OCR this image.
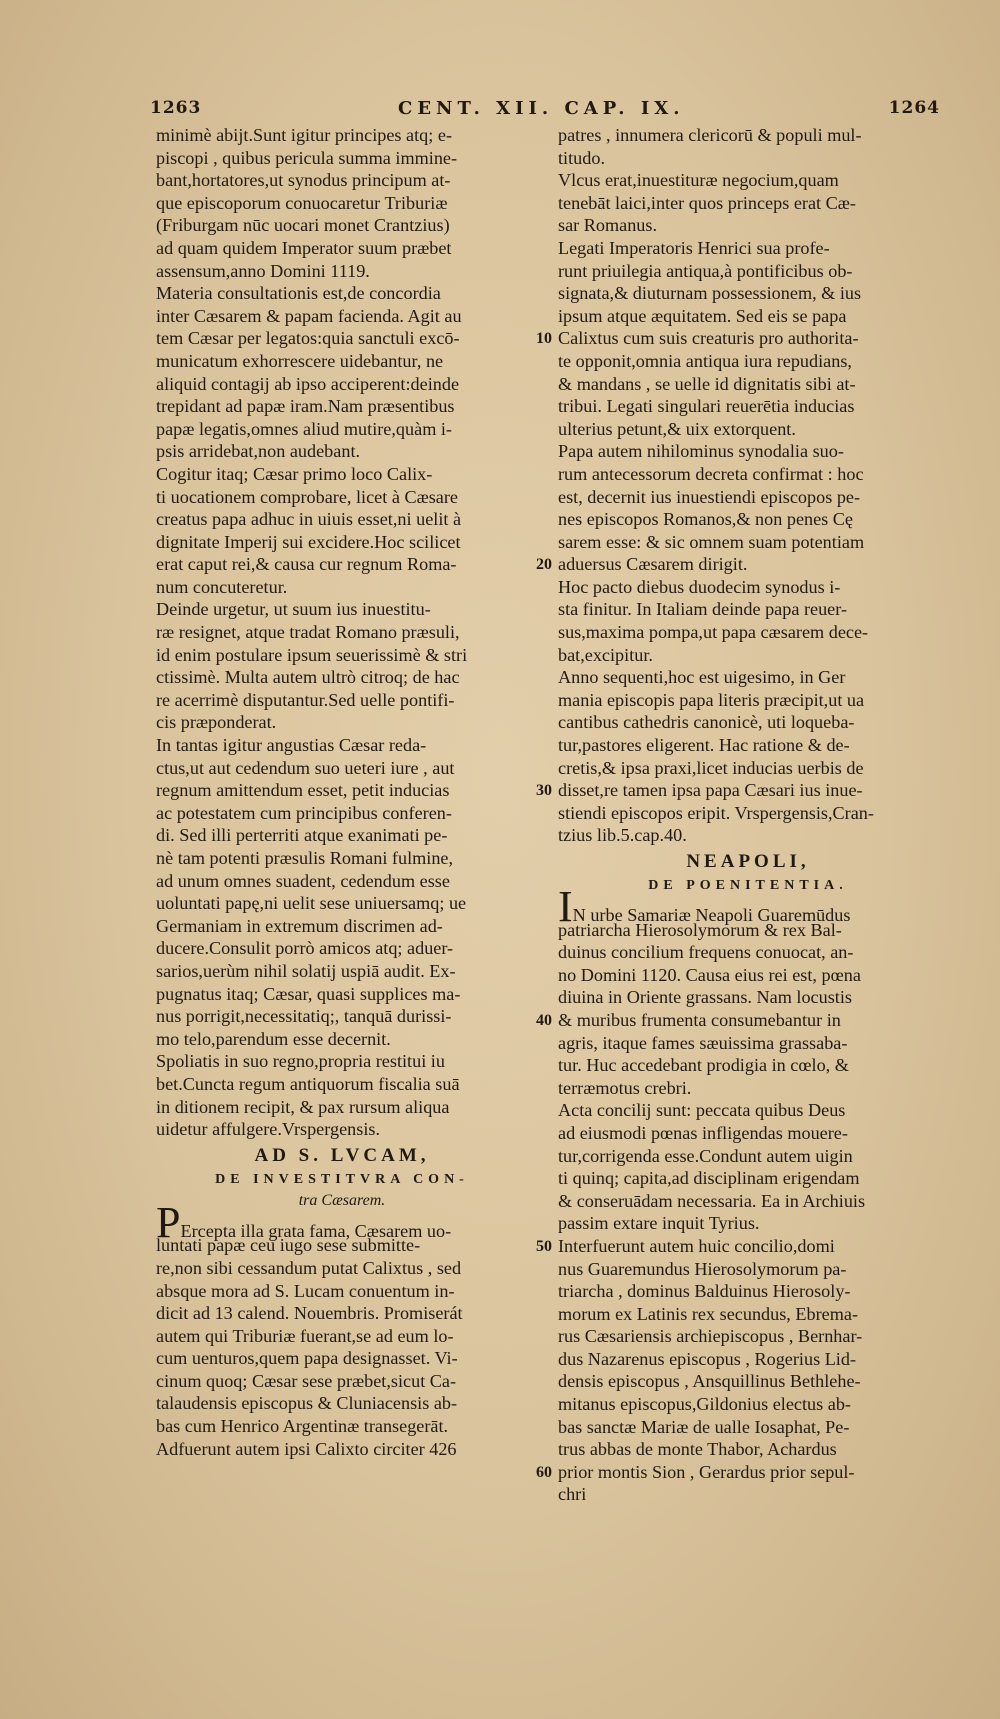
1263	CENT. XII. CAP. IX.	1264
minimè abijt.Sunt igitur principes atq; e-
piscopi , quibus pericula summa immine-
bant,hortatores,ut synodus principum at-
que episcoporum conuocaretur Triburiæ
(Friburgam nūc uocari monet Crantzius)
ad quam quidem Imperator suum præbet
assensum,anno Domini 1119.
Materia consultationis est,de concordia
inter Cæsarem & papam facienda. Agit au
tem Cæsar per legatos:quia sanctuli excō-
municatum exhorrescere uidebantur, ne
aliquid contagij ab ipso acciperent:deinde
trepidant ad papæ iram.Nam præsentibus
papæ legatis,omnes aliud mutire,quàm i-
psis arridebat,non audebant.
Cogitur itaq; Cæsar primo loco Calix-
ti uocationem comprobare, licet à Cæsare
creatus papa adhuc in uiuis esset,ni uelit à
dignitate Imperij sui excidere.Hoc scilicet
erat caput rei,& causa cur regnum Roma-
num concuteretur.
Deinde urgetur, ut suum ius inuestitu-
ræ resignet, atque tradat Romano præsuli,
id enim postulare ipsum seuerissimè & stri
ctissimè. Multa autem ultrò citroq; de hac
re acerrimè disputantur.Sed uelle pontifi-
cis præponderat.
In tantas igitur angustias Cæsar reda-
ctus,ut aut cedendum suo ueteri iure , aut
regnum amittendum esset, petit inducias
ac potestatem cum principibus conferen-
di. Sed illi perterriti atque exanimati pe-
nè tam potenti præsulis Romani fulmine,
ad unum omnes suadent, cedendum esse
uoluntati papę,ni uelit sese uniuersamq; ue
Germaniam in extremum discrimen ad-
ducere.Consulit porrò amicos atq; aduer-
sarios,uerùm nihil solatij uspiā audit. Ex-
pugnatus itaq; Cæsar, quasi supplices ma-
nus porrigit,necessitatiq;, tanquā durissi-
mo telo,parendum esse decernit.
Spoliatis in suo regno,propria restitui iu
bet.Cuncta regum antiquorum fiscalia suā
in ditionem recipit, & pax rursum aliqua
uidetur affulgere.Vrspergensis.
AD S. LVCAM,
DE INVESTITVRA CON-
tra Cæsarem.
PErcepta illa grata fama, Cæsarem uo-
luntati papæ ceu iugo sese submitte-
re,non sibi cessandum putat Calixtus , sed
absque mora ad S. Lucam conuentum in-
dicit ad 13 calend. Nouembris. Promiserát
autem qui Triburiæ fuerant,se ad eum lo-
cum uenturos,quem papa designasset. Vi-
cinum quoq; Cæsar sese præbet,sicut Ca-
talaudensis episcopus & Cluniacensis ab-
bas cum Henrico Argentinæ transegerāt.
Adfuerunt autem ipsi Calixto circiter 426
patres , innumera clericorū & populi mul-
titudo.
Vlcus erat,inuestituræ negocium,quam
tenebāt laici,inter quos princeps erat Cæ-
sar Romanus.
Legati Imperatoris Henrici sua profe-
runt priuilegia antiqua,à pontificibus ob-
signata,& diuturnam possessionem, & ius
ipsum atque æquitatem. Sed eis se papa
Calixtus cum suis creaturis pro authorita-
te opponit,omnia antiqua iura repudians,
& mandans , se uelle id dignitatis sibi at-
tribui. Legati singulari reuerētia inducias
ulterius petunt,& uix extorquent.
Papa autem nihilominus synodalia suo-
rum antecessorum decreta confirmat : hoc
est, decernit ius inuestiendi episcopos pe-
nes episcopos Romanos,& non penes Cę
sarem esse: & sic omnem suam potentiam
aduersus Cæsarem dirigit.
Hoc pacto diebus duodecim synodus i-
sta finitur. In Italiam deinde papa reuer-
sus,maxima pompa,ut papa cæsarem dece-
bat,excipitur.
Anno sequenti,hoc est uigesimo, in Ger
mania episcopis papa literis præcipit,ut ua
cantibus cathedris canonicè, uti loqueba-
tur,pastores eligerent. Hac ratione & de-
cretis,& ipsa praxi,licet inducias uerbis de
disset,re tamen ipsa papa Cæsari ius inue-
stiendi episcopos eripit. Vrspergensis,Cran-
tzius lib.5.cap.40.
NEAPOLI,
DE POENITENTIA.
IN urbe Samariæ Neapoli Guaremūdus
patriarcha Hierosolymorum & rex Bal-
duinus concilium frequens conuocat, an-
no Domini 1120. Causa eius rei est, pœna
diuina in Oriente grassans. Nam locustis
& muribus frumenta consumebantur in
agris, itaque fames sæuissima grassaba-
tur. Huc accedebant prodigia in cœlo, &
terræmotus crebri.
Acta concilij sunt: peccata quibus Deus
ad eiusmodi pœnas infligendas mouere-
tur,corrigenda esse.Condunt autem uigin
ti quinq; capita,ad disciplinam erigendam
& conseruādam necessaria. Ea in Archiuis
passim extare inquit Tyrius.
Interfuerunt autem huic concilio,domi
nus Guaremundus Hierosolymorum pa-
triarcha , dominus Balduinus Hierosoly-
morum ex Latinis rex secundus, Ebrema-
rus Cæsariensis archiepiscopus , Bernhar-
dus Nazarenus episcopus , Rogerius Lid-
densis episcopus , Ansquillinus Bethlehe-
mitanus episcopus,Gildonius electus ab-
bas sanctæ Mariæ de ualle Iosaphat, Pe-
trus abbas de monte Thabor, Achardus
prior montis Sion , Gerardus prior sepul-
chri
10
20
30
40
50
60
